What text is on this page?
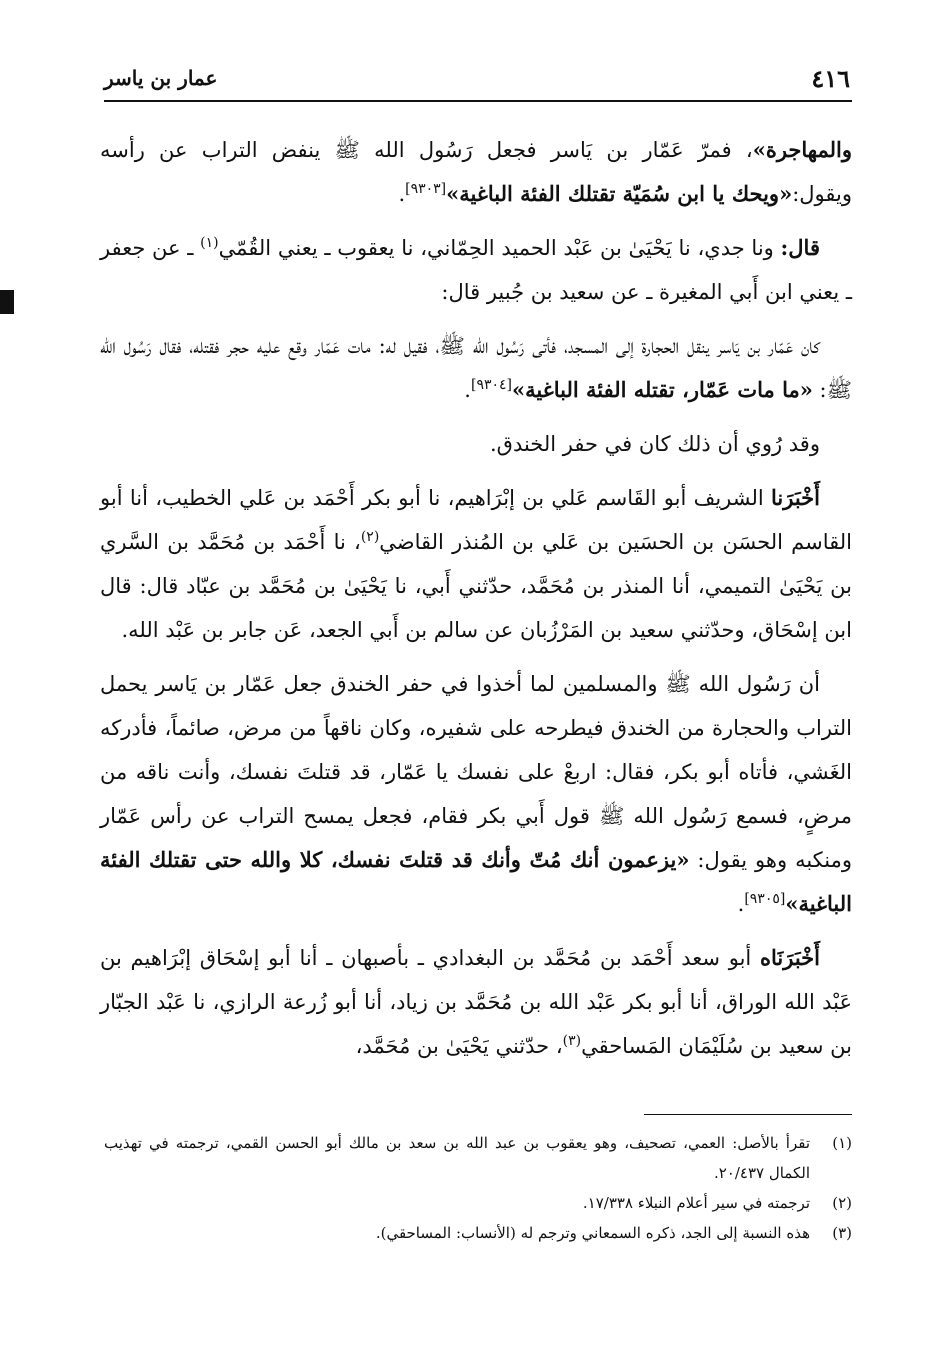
٤١٦
عمار بن ياسر

والمهاجرة»، فمرّ عَمّار بن يَاسر فجعل رَسُول الله ﷺ ينفض التراب عن رأسه ويقول:«ويحك يا ابن سُمَيّة تقتلك الفئة الباغية»[٩٣٠٣].

قال: ونا جدي، نا يَحْيَىٰ بن عَبْد الحميد الحِمّاني، نا يعقوب ـ يعني القُمّي$^{(١)}$ ـ عن جعفر ـ يعني ابن أَبي المغيرة ـ عن سعيد بن جُبير قال:

كان عَمّار بن يَاسر ينقل الحجارة إلى المسجد، فأتى رَسُول الله ﷺ، فقيل له: مات عَمّار وقع عليه حجر فقتله، فقال رَسُول الله ﷺ: «ما مات عَمّار، تقتله الفئة الباغية»[٩٣٠٤].

وقد رُوي أن ذلك كان في حفر الخندق.

أَخْبَرَنا الشريف أبو القَاسم عَلي بن إبْرَاهيم، نا أبو بكر أَحْمَد بن عَلي الخطيب، أنا أبو القاسم الحسَن بن الحسَين بن عَلي بن المُنذر القاضي$^{(٢)}$، نا أَحْمَد بن مُحَمَّد بن السَّري بن يَحْيَىٰ التميمي، أنا المنذر بن مُحَمَّد، حدّثني أَبي، نا يَحْيَىٰ بن مُحَمَّد بن عبّاد قال: قال ابن إسْحَاق، وحدّثني سعيد بن المَرْزُبان عن سالم بن أَبي الجعد، عَن جابر بن عَبْد الله.

أن رَسُول الله ﷺ والمسلمين لما أخذوا في حفر الخندق جعل عَمّار بن يَاسر يحمل التراب والحجارة من الخندق فيطرحه على شفيره، وكان ناقهاً من مرض، صائماً، فأدركه الغَشي، فأتاه أبو بكر، فقال: اربعْ على نفسك يا عَمّار، قد قتلتَ نفسك، وأنت ناقه من مرضٍ، فسمع رَسُول الله ﷺ قول أَبي بكر فقام، فجعل يمسح التراب عن رأس عَمّار ومنكبه وهو يقول: «يزعمون أنك مُتّ وأنك قد قتلتَ نفسك، كلا والله حتى تقتلك الفئة الباغية»[٩٣٠٥].

أَخْبَرَنَاه أبو سعد أَحْمَد بن مُحَمَّد بن البغدادي ـ بأصبهان ـ أنا أبو إسْحَاق إبْرَاهيم بن عَبْد الله الوراق، أنا أبو بكر عَبْد الله بن مُحَمَّد بن زياد، أنا أبو زُرعة الرازي، نا عَبْد الجبّار بن سعيد بن سُلَيْمَان المَساحقي$^{(٣)}$، حدّثني يَحْيَىٰ بن مُحَمَّد،

(١)
تقرأ بالأصل: العمي، تصحيف، وهو يعقوب بن عبد الله بن سعد بن مالك أبو الحسن القمي، ترجمته في تهذيب الكمال ٢٠/٤٣٧.
(٢)
ترجمته في سير أعلام النبلاء ١٧/٣٣٨.
(٣)
هذه النسبة إلى الجد، ذكره السمعاني وترجم له (الأنساب: المساحقي).
